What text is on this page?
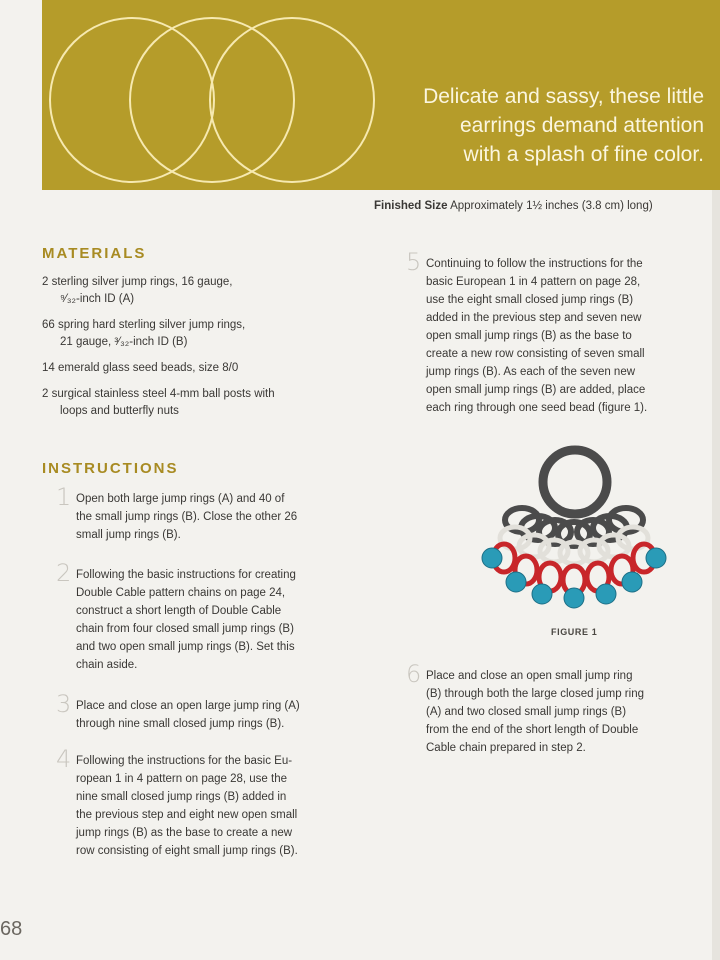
Delicate and sassy, these little
earrings demand attention
with a splash of fine color.
Finished Size Approximately 1½ inches (3.8 cm) long)
MATERIALS
2 sterling silver jump rings, 16 gauge,
⁹⁄₃₂-inch ID (A)
66 spring hard sterling silver jump rings,
21 gauge, ³⁄₃₂-inch ID (B)
14 emerald glass seed beads, size 8/0
2 surgical stainless steel 4-mm ball posts with
loops and butterfly nuts
INSTRUCTIONS
1 Open both large jump rings (A) and 40 of
the small jump rings (B). Close the other 26
small jump rings (B).
2 Following the basic instructions for creating
Double Cable pattern chains on page 24,
construct a short length of Double Cable
chain from four closed small jump rings (B)
and two open small jump rings (B). Set this
chain aside.
3 Place and close an open large jump ring (A)
through nine small closed jump rings (B).
4 Following the instructions for the basic Eu-
ropean 1 in 4 pattern on page 28, use the
nine small closed jump rings (B) added in
the previous step and eight new open small
jump rings (B) as the base to create a new
row consisting of eight small jump rings (B).
5 Continuing to follow the instructions for the
basic European 1 in 4 pattern on page 28,
use the eight small closed jump rings (B)
added in the previous step and seven new
open small jump rings (B) as the base to
create a new row consisting of seven small
jump rings (B). As each of the seven new
open small jump rings (B) are added, place
each ring through one seed bead (figure 1).
FIGURE 1
6 Place and close an open small jump ring
(B) through both the large closed jump ring
(A) and two closed small jump rings (B)
from the end of the short length of Double
Cable chain prepared in step 2.
68
